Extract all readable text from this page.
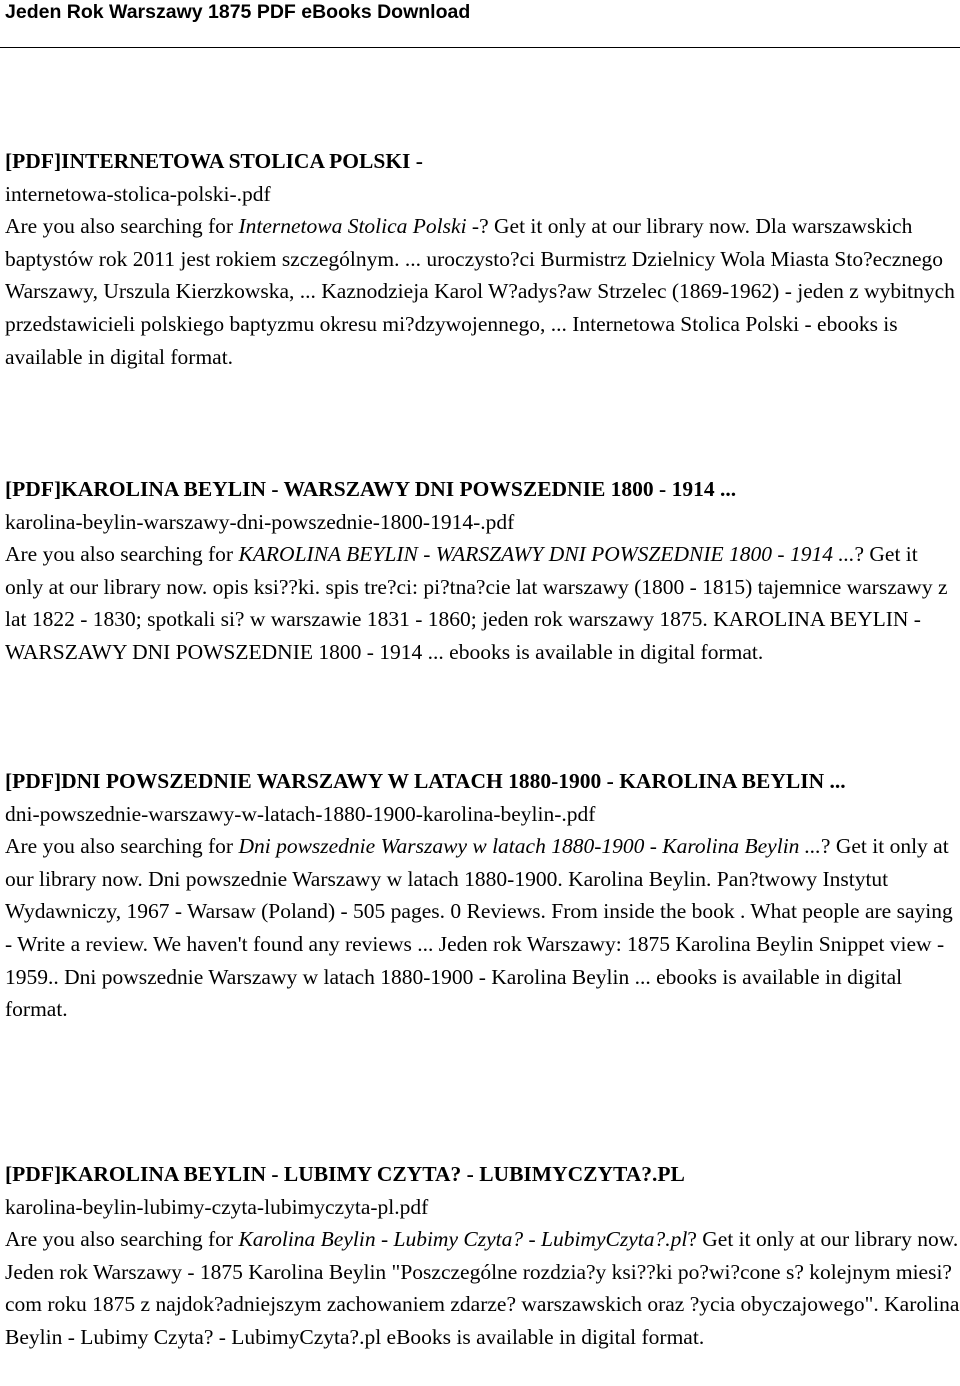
Jeden Rok Warszawy 1875 PDF eBooks Download

[PDF]INTERNETOWA STOLICA POLSKI -

internetowa-stolica-polski-.pdf

Are you also searching for Internetowa Stolica Polski -? Get it only at our library now. Dla warszawskich baptystów rok 2011 jest rokiem szczególnym. ... uroczysto?ci Burmistrz Dzielnicy Wola Miasta Sto?ecznego Warszawy, Urszula Kierzkowska, ... Kaznodzieja Karol W?adys?aw Strzelec (1869-1962) - jeden z wybitnych przedstawicieli polskiego baptyzmu okresu mi?dzywojennego, ... Internetowa Stolica Polski - ebooks is available in digital format.

[PDF]KAROLINA BEYLIN - WARSZAWY DNI POWSZEDNIE 1800 - 1914 ...

karolina-beylin-warszawy-dni-powszednie-1800-1914-.pdf

Are you also searching for KAROLINA BEYLIN - WARSZAWY DNI POWSZEDNIE 1800 - 1914 ...? Get it only at our library now. opis ksi??ki. spis tre?ci: pi?tna?cie lat warszawy (1800 - 1815) tajemnice warszawy z lat 1822 - 1830; spotkali si? w warszawie 1831 - 1860; jeden rok warszawy 1875. KAROLINA BEYLIN - WARSZAWY DNI POWSZEDNIE 1800 - 1914 ... ebooks is available in digital format.

[PDF]DNI POWSZEDNIE WARSZAWY W LATACH 1880-1900 - KAROLINA BEYLIN ...

dni-powszednie-warszawy-w-latach-1880-1900-karolina-beylin-.pdf

Are you also searching for Dni powszednie Warszawy w latach 1880-1900 - Karolina Beylin ...? Get it only at our library now. Dni powszednie Warszawy w latach 1880-1900. Karolina Beylin. Pan?twowy Instytut Wydawniczy, 1967 - Warsaw (Poland) - 505 pages. 0 Reviews. From inside the book . What people are saying - Write a review. We haven't found any reviews ... Jeden rok Warszawy: 1875 Karolina Beylin Snippet view - 1959.. Dni powszednie Warszawy w latach 1880-1900 - Karolina Beylin ... ebooks is available in digital format.

[PDF]KAROLINA BEYLIN - LUBIMY CZYTA? - LUBIMYCZYTA?.PL

karolina-beylin-lubimy-czyta-lubimyczyta-pl.pdf

Are you also searching for Karolina Beylin - Lubimy Czyta? - LubimyCzyta?.pl? Get it only at our library now. Jeden rok Warszawy - 1875 Karolina Beylin "Poszczególne rozdzia?y ksi??ki po?wi?cone s? kolejnym miesi?com roku 1875 z najdok?adniejszym zachowaniem zdarze? warszawskich oraz ?ycia obyczajowego". Karolina Beylin - Lubimy Czyta? - LubimyCzyta?.pl eBooks is available in digital format.
